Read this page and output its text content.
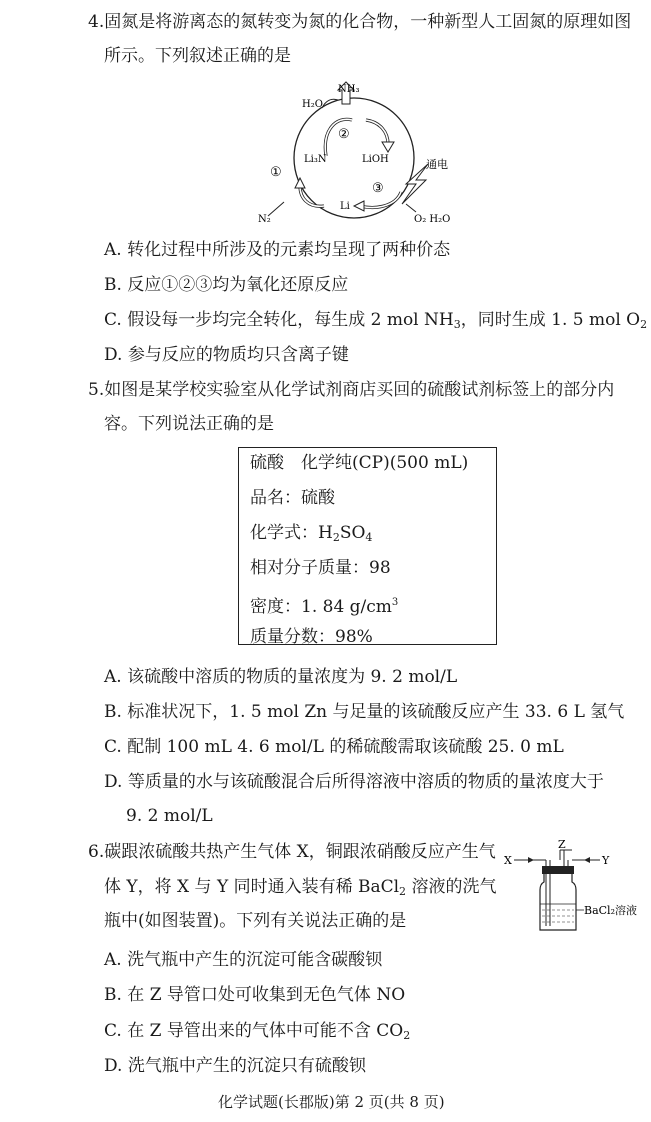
4.固氮是将游离态的氮转变为氮的化合物，一种新型人工固氮的原理如图
所示。下列叙述正确的是
NH₃
H₂O
②
Li₃N	LiOH	通电
①
③
Li
N₂	O₂ H₂O
A. 转化过程中所涉及的元素均呈现了两种价态
B. 反应①②③均为氧化还原反应
C. 假设每一步均完全转化，每生成 2 mol $NH_3$，同时生成 1. 5 mol $O_2$
D. 参与反应的物质均只含离子键
5.如图是某学校实验室从化学试剂商店买回的硫酸试剂标签上的部分内
容。下列说法正确的是
硫酸　化学纯(CP)(500 mL)
品名：硫酸
化学式：$H_2SO_4$
相对分子质量：98
密度：1. 84 $g/cm^3$
质量分数：98%
A. 该硫酸中溶质的物质的量浓度为 9. 2 mol/L
B. 标准状况下，1. 5 mol Zn 与足量的该硫酸反应产生 33. 6 L 氢气
C. 配制 100 mL 4. 6 mol/L 的稀硫酸需取该硫酸 25. 0 mL
D. 等质量的水与该硫酸混合后所得溶液中溶质的物质的量浓度大于
9. 2 mol/L
6.碳跟浓硫酸共热产生气体 X，铜跟浓硝酸反应产生气
体 Y，将 X 与 Y 同时通入装有稀 BaCl$_2$ 溶液的洗气
瓶中(如图装置)。下列有关说法正确的是
X	Y
Z
BaCl₂溶液
A. 洗气瓶中产生的沉淀可能含碳酸钡
B. 在 Z 导管口处可收集到无色气体 NO
C. 在 Z 导管出来的气体中可能不含 $CO_2$
D. 洗气瓶中产生的沉淀只有硫酸钡
化学试题(长郡版)第 2 页(共 8 页)
